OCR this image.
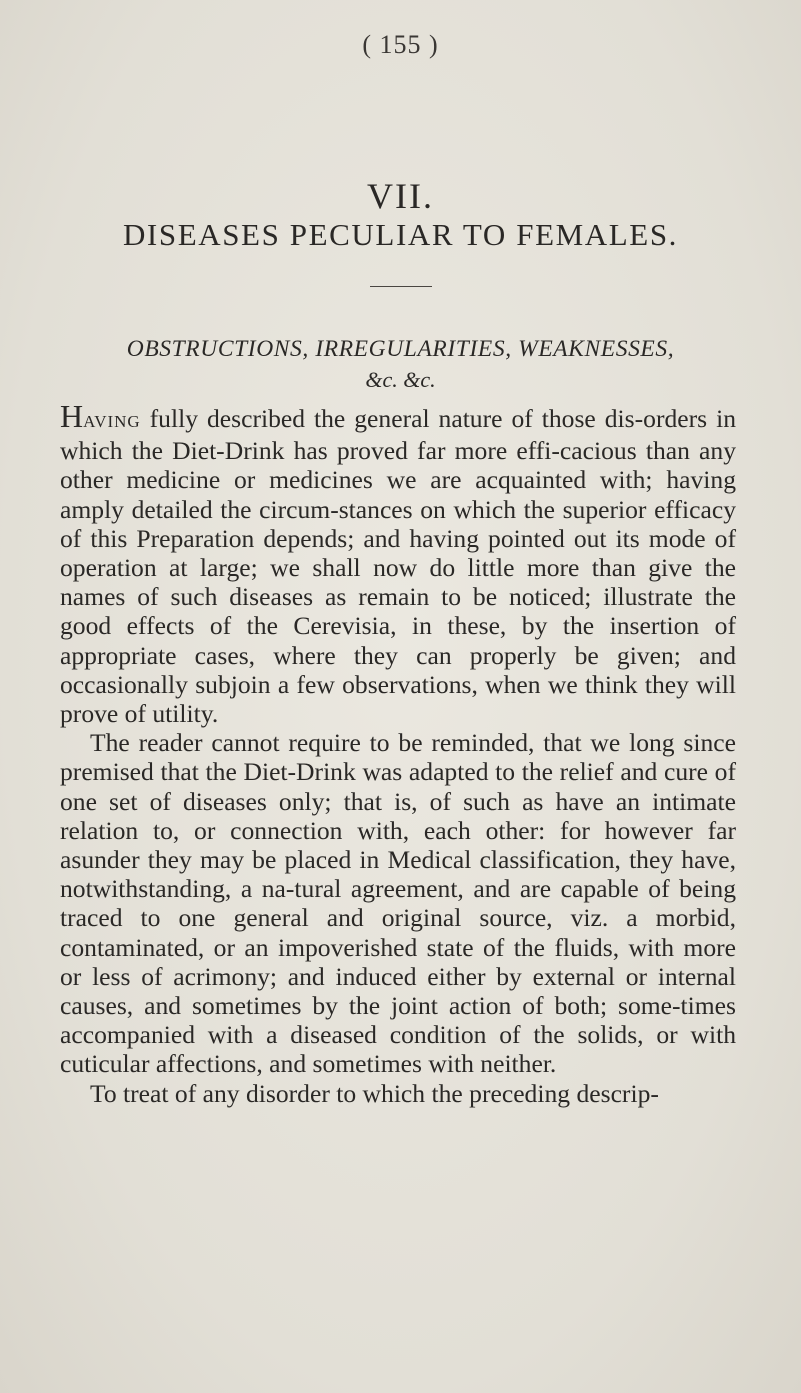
( 155 )
VII.
DISEASES PECULIAR TO FEMALES.
OBSTRUCTIONS, IRREGULARITIES, WEAKNESSES,
&c. &c.

HAVING fully described the general nature of those dis-orders in which the Diet-Drink has proved far more effi-cacious than any other medicine or medicines we are acquainted with; having amply detailed the circum-stances on which the superior efficacy of this Preparation depends; and having pointed out its mode of operation at large; we shall now do little more than give the names of such diseases as remain to be noticed; illustrate the good effects of the Cerevisia, in these, by the insertion of appropriate cases, where they can properly be given; and occasionally subjoin a few observations, when we think they will prove of utility.

The reader cannot require to be reminded, that we long since premised that the Diet-Drink was adapted to the relief and cure of one set of diseases only; that is, of such as have an intimate relation to, or connection with, each other: for however far asunder they may be placed in Medical classification, they have, notwithstanding, a na-tural agreement, and are capable of being traced to one general and original source, viz. a morbid, contaminated, or an impoverished state of the fluids, with more or less of acrimony; and induced either by external or internal causes, and sometimes by the joint action of both; some-times accompanied with a diseased condition of the solids, or with cuticular affections, and sometimes with neither.

To treat of any disorder to which the preceding descrip-
